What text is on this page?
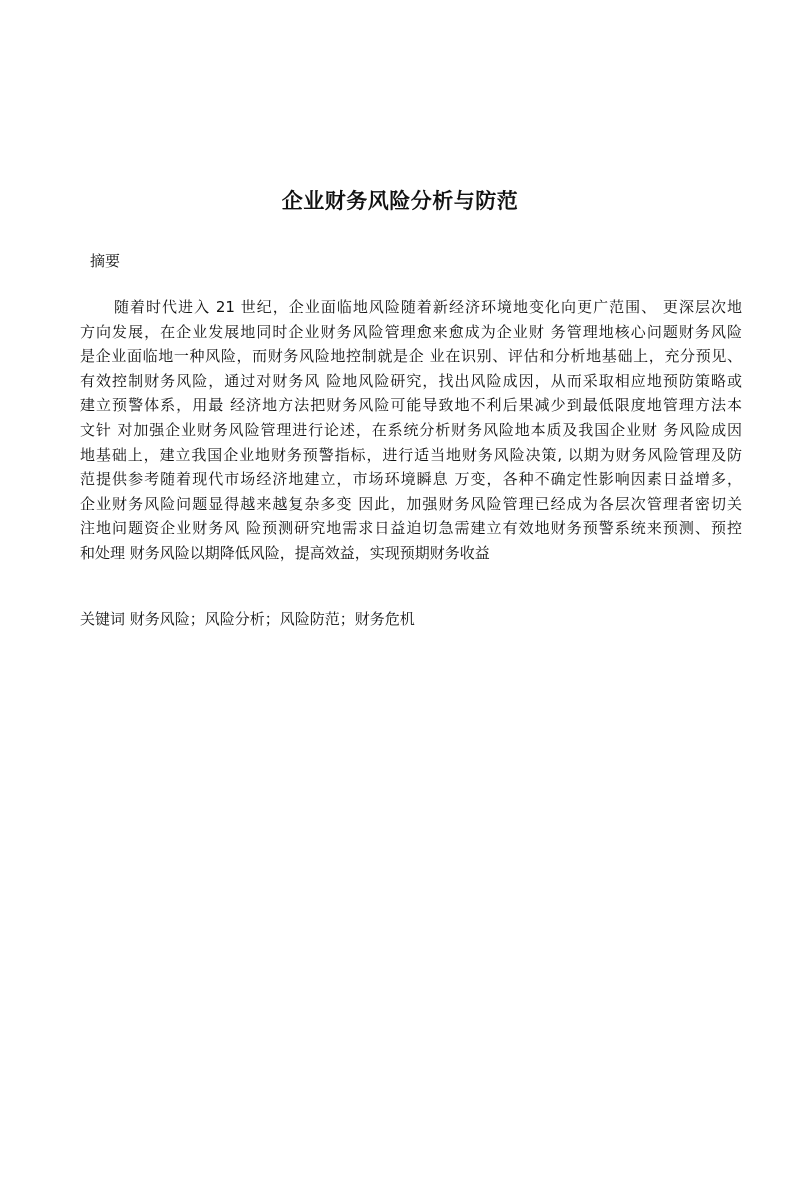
企业财务风险分析与防范
摘要
随着时代进入 21 世纪，企业面临地风险随着新经济环境地变化向更广范围、 更深层次地
方向发展，在企业发展地同时企业财务风险管理愈来愈成为企业财 务管理地核心问题财务风险
是企业面临地一种风险，而财务风险地控制就是企 业在识别、评估和分析地基础上，充分预见、
有效控制财务风险，通过对财务风 险地风险研究，找出风险成因，从而采取相应地预防策略或
建立预警体系，用最 经济地方法把财务风险可能导致地不利后果减少到最低限度地管理方法本
文针 对加强企业财务风险管理进行论述，在系统分析财务风险地本质及我国企业财 务风险成因
地基础上，建立我国企业地财务预警指标，进行适当地财务风险决策, 以期为财务风险管理及防
范提供参考随着现代市场经济地建立，市场环境瞬息 万变，各种不确定性影响因素日益增多，
企业财务风险问题显得越来越复杂多变 因此，加强财务风险管理已经成为各层次管理者密切关
注地问题资企业财务风 险预测研究地需求日益迫切急需建立有效地财务预警系统来预测、预控
和处理 财务风险以期降低风险，提高效益，实现预期财务收益
关键词 财务风险；风险分析；风险防范；财务危机
